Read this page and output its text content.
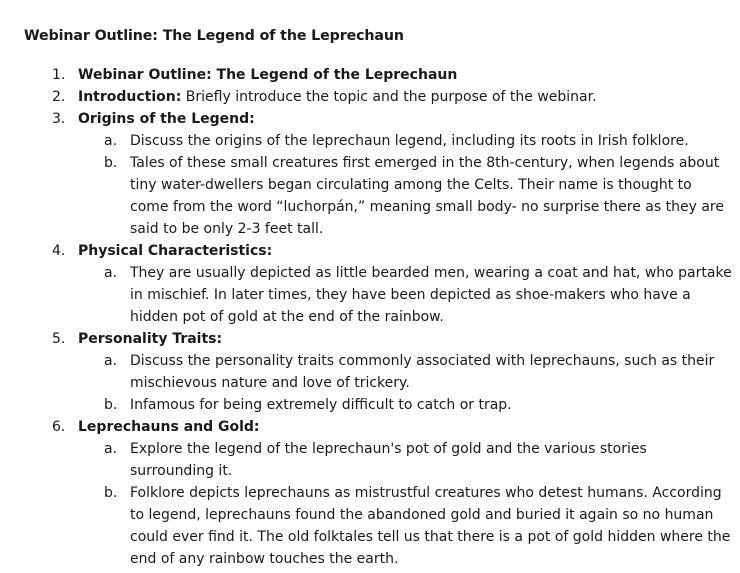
Webinar Outline: The Legend of the Leprechaun
1. Webinar Outline: The Legend of the Leprechaun
2. Introduction: Briefly introduce the topic and the purpose of the webinar.
3. Origins of the Legend:
a. Discuss the origins of the leprechaun legend, including its roots in Irish folklore.
b. Tales of these small creatures first emerged in the 8th-century, when legends about
tiny water-dwellers began circulating among the Celts. Their name is thought to
come from the word “luchorpán,” meaning small body- no surprise there as they are
said to be only 2-3 feet tall.
4. Physical Characteristics:
a. They are usually depicted as little bearded men, wearing a coat and hat, who partake
in mischief. In later times, they have been depicted as shoe-makers who have a
hidden pot of gold at the end of the rainbow.
5. Personality Traits:
a. Discuss the personality traits commonly associated with leprechauns, such as their
mischievous nature and love of trickery.
b. Infamous for being extremely difficult to catch or trap.
6. Leprechauns and Gold:
a. Explore the legend of the leprechaun's pot of gold and the various stories
surrounding it.
b. Folklore depicts leprechauns as mistrustful creatures who detest humans. According
to legend, leprechauns found the abandoned gold and buried it again so no human
could ever find it. The old folktales tell us that there is a pot of gold hidden where the
end of any rainbow touches the earth.
